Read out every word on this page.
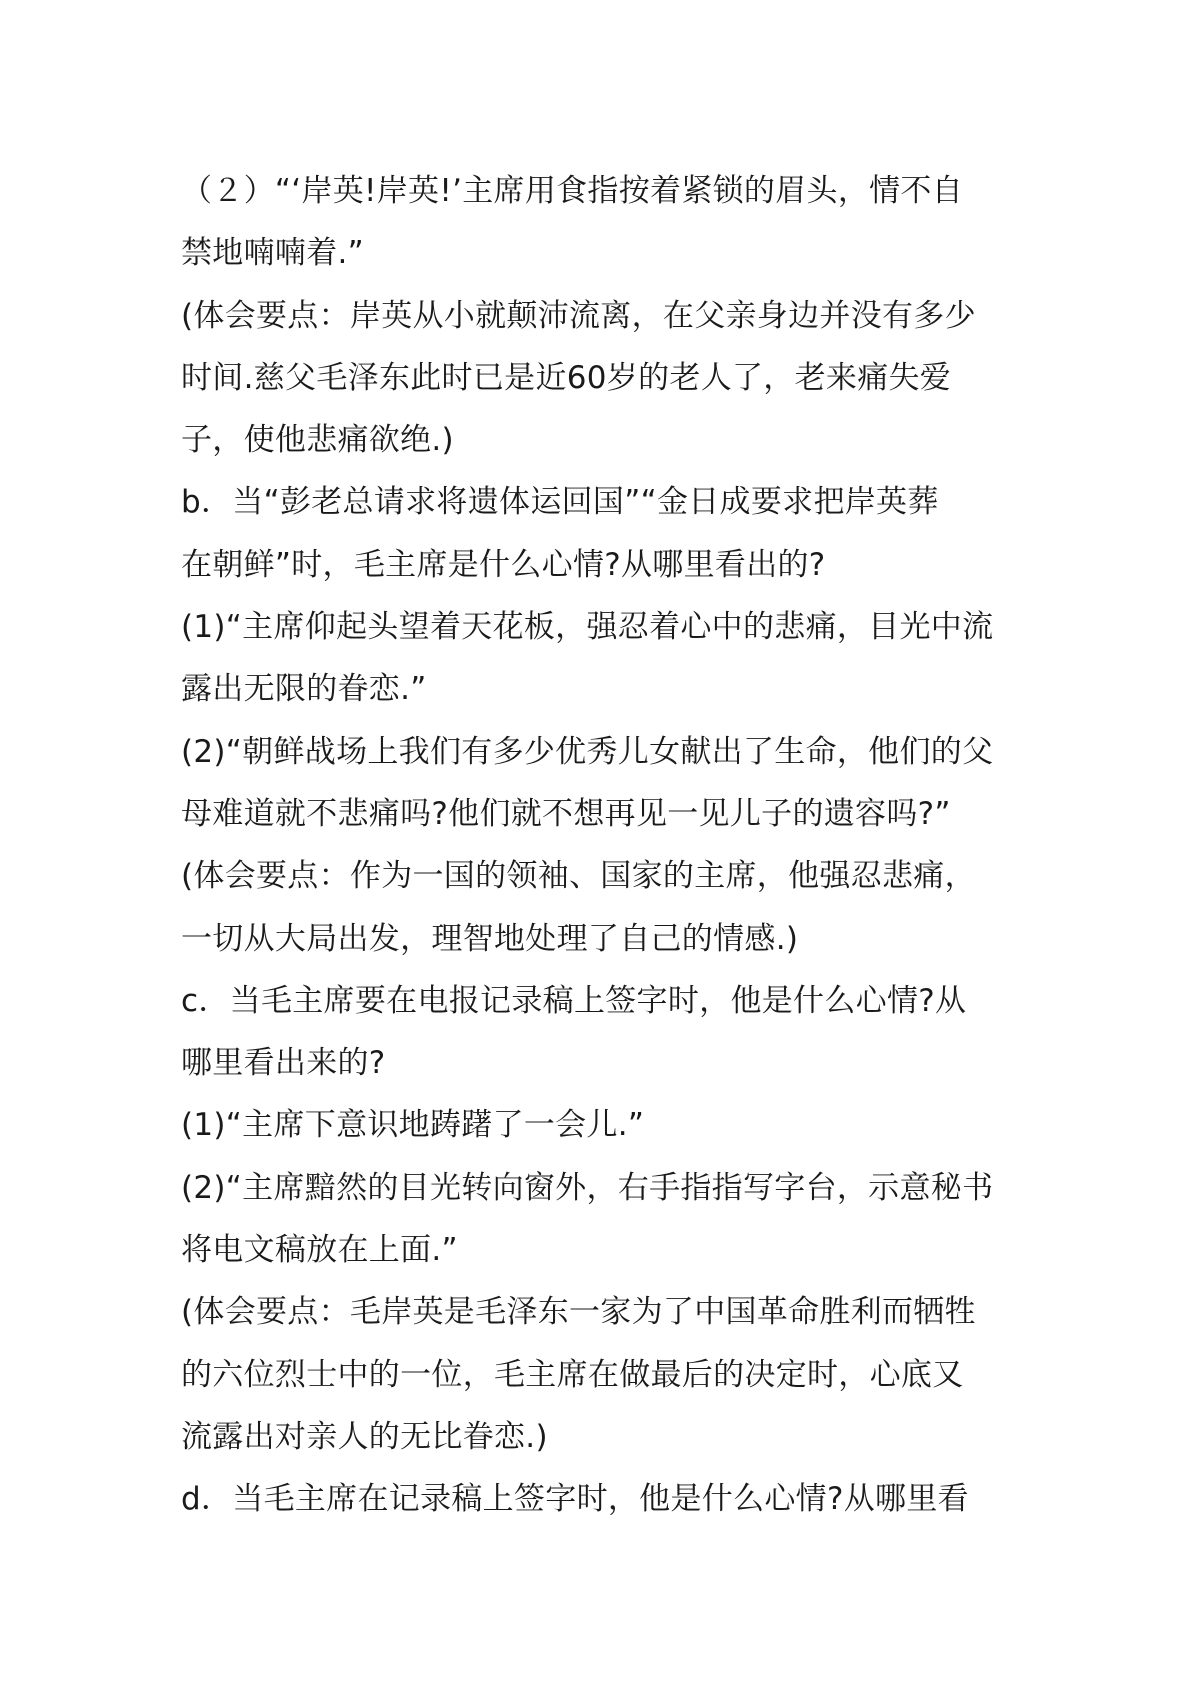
（２）“‘岸英!岸英!’主席用食指按着紧锁的眉头，情不自
禁地喃喃着.”
(体会要点：岸英从小就颠沛流离，在父亲身边并没有多少
时间.慈父毛泽东此时已是近60岁的老人了，老来痛失爱
子，使他悲痛欲绝.)
b．当“彭老总请求将遗体运回国”“金日成要求把岸英葬
在朝鲜”时，毛主席是什么心情?从哪里看出的?
(1)“主席仰起头望着天花板，强忍着心中的悲痛，目光中流
露出无限的眷恋.”
(2)“朝鲜战场上我们有多少优秀儿女献出了生命，他们的父
母难道就不悲痛吗?他们就不想再见一见儿子的遗容吗?”
(体会要点：作为一国的领袖、国家的主席，他强忍悲痛，
一切从大局出发，理智地处理了自己的情感.)
c．当毛主席要在电报记录稿上签字时，他是什么心情?从
哪里看出来的?
(1)“主席下意识地踌躇了一会儿.”
(2)“主席黯然的目光转向窗外，右手指指写字台，示意秘书
将电文稿放在上面.”
(体会要点：毛岸英是毛泽东一家为了中国革命胜利而牺牲
的六位烈士中的一位，毛主席在做最后的决定时，心底又
流露出对亲人的无比眷恋.)
d．当毛主席在记录稿上签字时，他是什么心情?从哪里看
